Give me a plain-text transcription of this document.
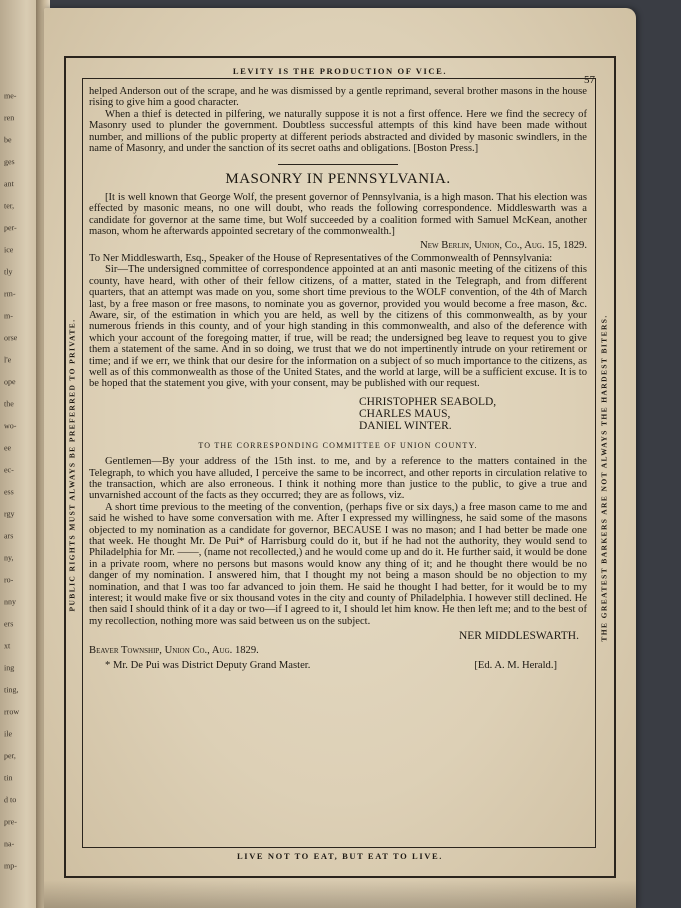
me-
ren
be
ges
ant
ter,
per-
ice
tly
rm-
m-
orse
l'e
ope
the
wo-
ee
ec-
ess
rgy
ars
ny,
ro-
nny
ers
xt
ing
ting,
rrow
ile
per,
tin
d to
pre-
na-
mp-
LEVITY IS THE PRODUCTION OF VICE.
57
PUBLIC RIGHTS MUST ALWAYS BE PREFERRED TO PRIVATE.	THE GREATEST BARKERS ARE NOT ALWAYS THE HARDEST BITERS.

helped Anderson out of the scrape, and he was dismissed by a gentle reprimand, several brother masons in the house rising to give him a good character.

When a thief is detected in pilfering, we naturally suppose it is not a first offence. Here we find the secrecy of Masonry used to plunder the government. Doubtless successful attempts of this kind have been made without number, and millions of the public property at different periods abstracted and divided by masonic swindlers, in the name of Masonry, and under the sanction of its secret oaths and obligations. [Boston Press.]

MASONRY IN PENNSYLVANIA.

[It is well known that George Wolf, the present governor of Pennsylvania, is a high mason. That his election was effected by masonic means, no one will doubt, who reads the following correspondence. Middleswarth was a candidate for governor at the same time, but Wolf succeeded by a coalition formed with Samuel McKean, another mason, whom he afterwards appointed secretary of the commonwealth.]

New Berlin, Union, Co., Aug. 15, 1829.

To Ner Middleswarth, Esq., Speaker of the House of Representatives of the Commonwealth of Pennsylvania:

Sir—The undersigned committee of correspondence appointed at an anti masonic meeting of the citizens of this county, have heard, with other of their fellow citizens, of a matter, stated in the Telegraph, and from different quarters, that an attempt was made on you, some short time previous to the WOLF convention, of the 4th of March last, by a free mason or free masons, to nominate you as governor, provided you would become a free mason, &c. Aware, sir, of the estimation in which you are held, as well by the citizens of this commonwealth, as by your numerous friends in this county, and of your high standing in this commonwealth, and also of the deference with which your account of the foregoing matter, if true, will be read; the undersigned beg leave to request you to give them a statement of the same. And in so doing, we trust that we do not impertinently intrude on your retirement or time; and if we err, we think that our desire for the information on a subject of so much importance to the citizens, as well as of this commonwealth as those of the United States, and the world at large, will be a sufficient excuse. It is to be hoped that the statement you give, with your consent, may be published with our request.

CHRISTOPHER SEABOLD,
CHARLES MAUS,
DANIEL WINTER.
TO THE CORRESPONDING COMMITTEE OF UNION COUNTY.

Gentlemen—By your address of the 15th inst. to me, and by a reference to the matters contained in the Telegraph, to which you have alluded, I perceive the same to be incorrect, and other reports in circulation relative to the transaction, which are also erroneous. I think it nothing more than justice to the public, to give a true and unvarnished account of the facts as they occurred; they are as follows, viz.

A short time previous to the meeting of the convention, (perhaps five or six days,) a free mason came to me and said he wished to have some conversation with me. After I expressed my willingness, he said some of the masons objected to my nomination as a candidate for governor, BECAUSE I was no mason; and I had better be made one that week. He thought Mr. De Pui* of Harrisburg could do it, but if he had not the authority, they would send to Philadelphia for Mr. ——, (name not recollected,) and he would come up and do it. He further said, it would be done in a private room, where no persons but masons would know any thing of it; and he thought there would be no danger of my nomination. I answered him, that I thought my not being a mason should be no objection to my nomination, and that I was too far advanced to join them. He said he thought I had better, for it would be to my interest; it would make five or six thousand votes in the city and county of Philadelphia. I however still declined. He then said I should think of it a day or two—if I agreed to it, I should let him know. He then left me; and to the best of my recollection, nothing more was said between us on the subject.

NER MIDDLESWARTH.
Beaver Township, Union Co., Aug. 1829.
* Mr. De Pui was District Deputy Grand Master.	[Ed. A. M. Herald.]
LIVE NOT TO EAT, BUT EAT TO LIVE.
